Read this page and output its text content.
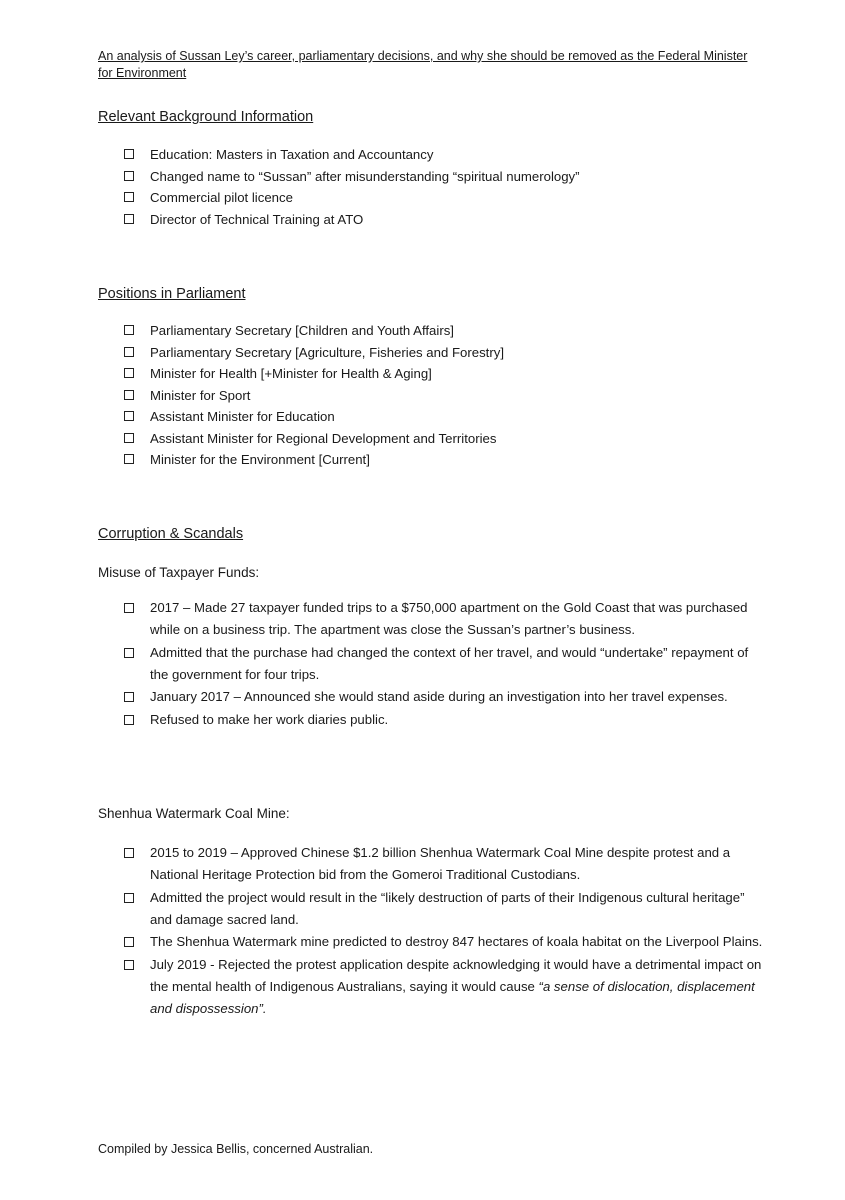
An analysis of Sussan Ley’s career, parliamentary decisions, and why she should be removed as the Federal Minister for Environment
Relevant Background Information
Education: Masters in Taxation and Accountancy
Changed name to “Sussan” after misunderstanding “spiritual numerology”
Commercial pilot licence
Director of Technical Training at ATO
Positions in Parliament
Parliamentary Secretary [Children and Youth Affairs]
Parliamentary Secretary [Agriculture, Fisheries and Forestry]
Minister for Health [+Minister for Health & Aging]
Minister for Sport
Assistant Minister for Education
Assistant Minister for Regional Development and Territories
Minister for the Environment [Current]
Corruption & Scandals
Misuse of Taxpayer Funds:
2017 – Made 27 taxpayer funded trips to a $750,000 apartment on the Gold Coast that was purchased while on a business trip. The apartment was close the Sussan’s partner’s business.
Admitted that the purchase had changed the context of her travel, and would “undertake” repayment of the government for four trips.
January 2017 – Announced she would stand aside during an investigation into her travel expenses.
Refused to make her work diaries public.
Shenhua Watermark Coal Mine:
2015 to 2019 – Approved Chinese $1.2 billion Shenhua Watermark Coal Mine despite protest and a National Heritage Protection bid from the Gomeroi Traditional Custodians.
Admitted the project would result in the “likely destruction of parts of their Indigenous cultural heritage” and damage sacred land.
The Shenhua Watermark mine predicted to destroy 847 hectares of koala habitat on the Liverpool Plains.
July 2019 - Rejected the protest application despite acknowledging it would have a detrimental impact on the mental health of Indigenous Australians, saying it would cause “a sense of dislocation, displacement and dispossession”.
Compiled by Jessica Bellis, concerned Australian.
